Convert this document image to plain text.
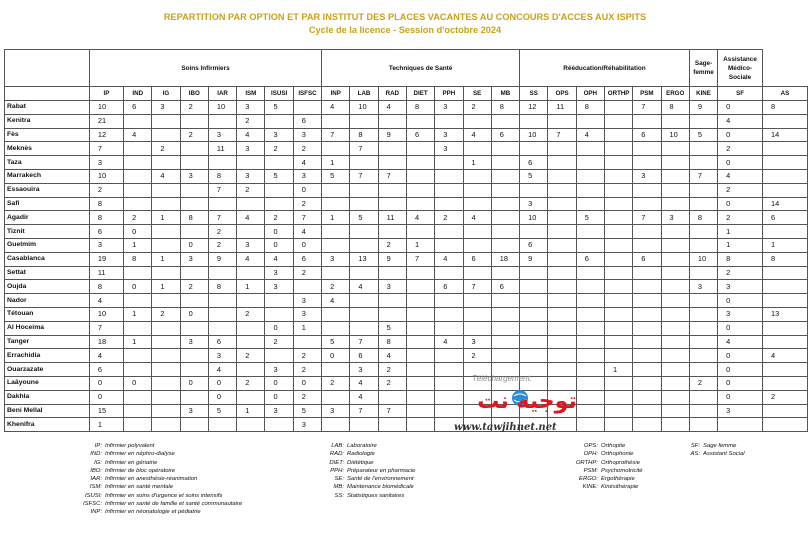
REPARTITION PAR OPTION ET PAR INSTITUT DES PLACES VACANTES AU CONCOURS D'ACCES AUX ISPITS
Cycle de la licence - Session d'octobre 2024
	Soins Infirmiers								Techniques de Santé							Rééducation/Réhabilitation						Sage-femme	Assistance Médico-Sociale	
	IP	IND	IG	IBO	IAR	ISM	ISUSI	ISFSC	INP	LAB	RAD	DIET	PPH	SE	MB	SS	OPS	OPH	ORTHP	PSM	ERGO	KINE	SF	AS
Rabat	10	6	3	2	10	3	5		4	10	4	8	3	2	8	12	11	8		7	8	9	0	8
Kenitra	21					2		6															4	
Fès	12	4		2	3	4	3	3	7	8	9	6	3	4	6	10	7	4		6	10	5	0	14
Meknès	7		2		11	3	2	2		7			3										2	
Taza	3							4	1					1		6							0	
Marrakech	10		4	3	8	3	5	3	5	7	7					5				3		7	4	
Essaouira	2				7	2		0															2	
Safi	8							2								3							0	14
Agadir	8	2	1	8	7	4	2	7	1	5	11	4	2	4		10		5		7	3	8	2	6
Tiznit	6	0			2		0	4															1	
Guelmim	3	1		0	2	3	0	0			2	1				6							1	1
Casablanca	19	8	1	3	9	4	4	6	3	13	9	7	4	6	18	9		6		6		10	8	8
Settat	11						3	2															2	
Oujda	8	0	1	2	8	1	3		2	4	3		6	7	6							3	3	
Nador	4							3	4														0	
Tétouan	10	1	2	0		2		3															3	13
Al Hoceima	7						0	1			5												0	
Tanger	18	1		3	6		2		5	7	8		4	3									4	
Errachidia	4				3	2		2	0	6	4			2									0	4
Ouarzazate	6				4		3	2		3	2								1				0	
Laâyoune	0	0		0	0	2	0	0	2	4	2											2	0	
Dakhla	0				0		0	2		4													0	2
Beni Mellal	15			3	5	1	3	5	3	7	7												3	
Khenifra	1							3																
IP: Infirmier polyvalent
IND: Infirmier en néphro-dialyse
IG: Infirmier en gériatrie
IBO: Infirmier de bloc opératoire
IAR: Infirmier en anesthésie-réanimation
ISM: Infirmier en santé mentale
ISUSI: Infirmier en soins d'urgence et soins intensifs
ISFSC: Infirmier en santé de famille et santé communautaire
INP: Infirmier en néonatologie et pédiatrie
LAB: Laboratoire
RAD: Radiologie
DIET: Diététique
PPH: Préparateur en pharmacie
SE: Santé de l'environnement
MB: Maintenance biomédicale
SS: Statistiques sanitaires
OPS: Orthoptie
OPH: Orthophonie
ORTHP: Orthoprothésie
PSM: Psychomotricité
ERGO: Ergothérapie
KINE: Kinésithérapie
SF: Sage femme
AS: Assistant Social
Téléchargement:
توجيه نت
www.tawjihnet.net
